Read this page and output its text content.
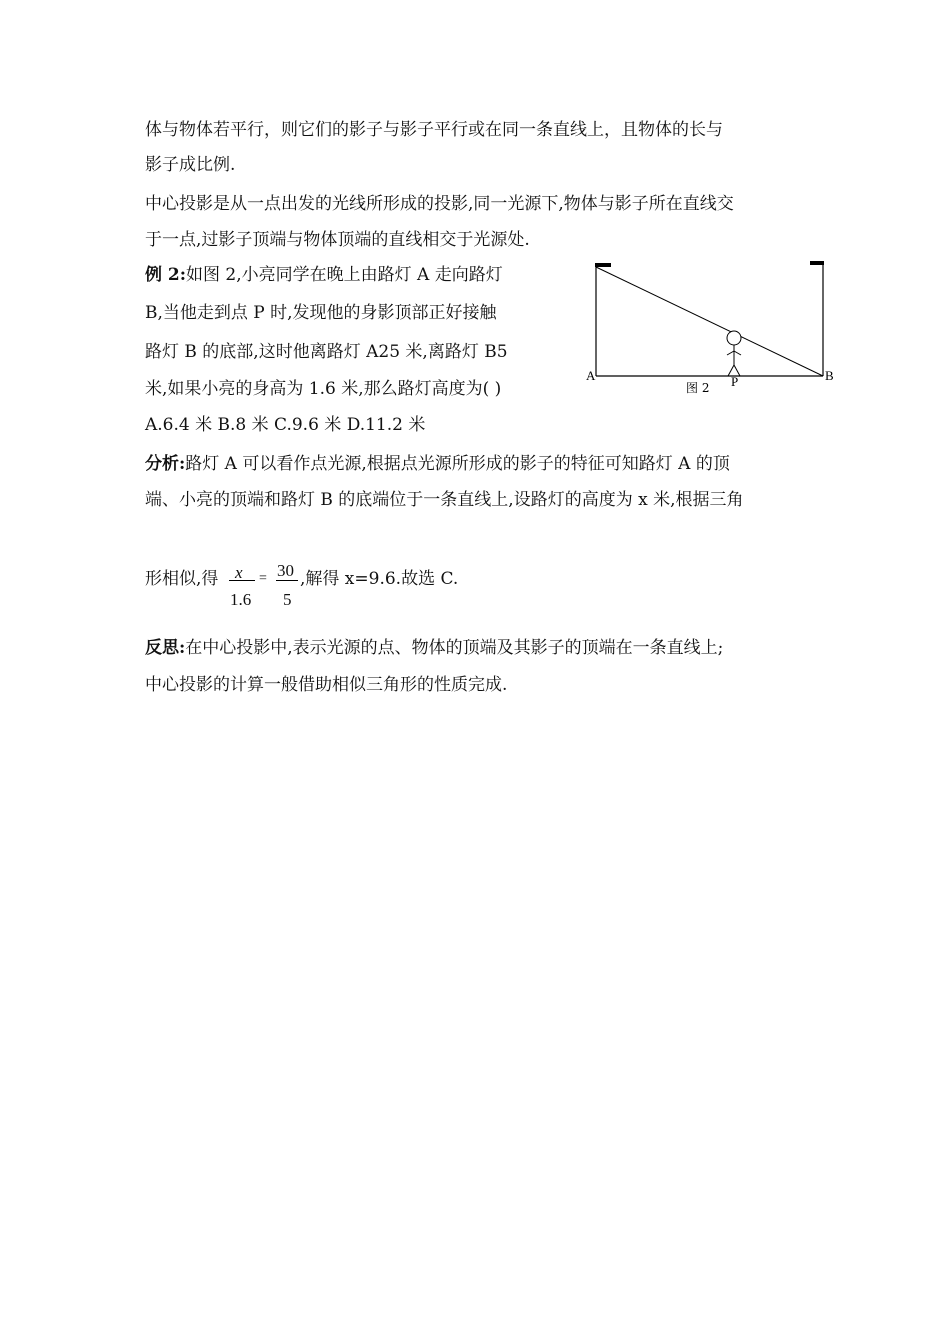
体与物体若平行，则它们的影子与影子平行或在同一条直线上，且物体的长与
影子成比例.
中心投影是从一点出发的光线所形成的投影,同一光源下,物体与影子所在直线交
于一点,过影子顶端与物体顶端的直线相交于光源处.
例 2:如图 2,小亮同学在晚上由路灯 A 走向路灯
B,当他走到点 P 时,发现他的身影顶部正好接触
路灯 B 的底部,这时他离路灯 A25 米,离路灯 B5
米,如果小亮的身高为 1.6 米,那么路灯高度为( )
A.6.4 米 B.8 米 C.9.6 米 D.11.2 米
A	B
P
图 2
分析:路灯 A 可以看作点光源,根据点光源所形成的影子的特征可知路灯 A 的顶
端、小亮的顶端和路灯 B 的底端位于一条直线上,设路灯的高度为 x 米,根据三角
形相似,得 x
1.6
= 30
5
,解得 x=9.6.故选 C.
反思:在中心投影中,表示光源的点、物体的顶端及其影子的顶端在一条直线上;
中心投影的计算一般借助相似三角形的性质完成.
